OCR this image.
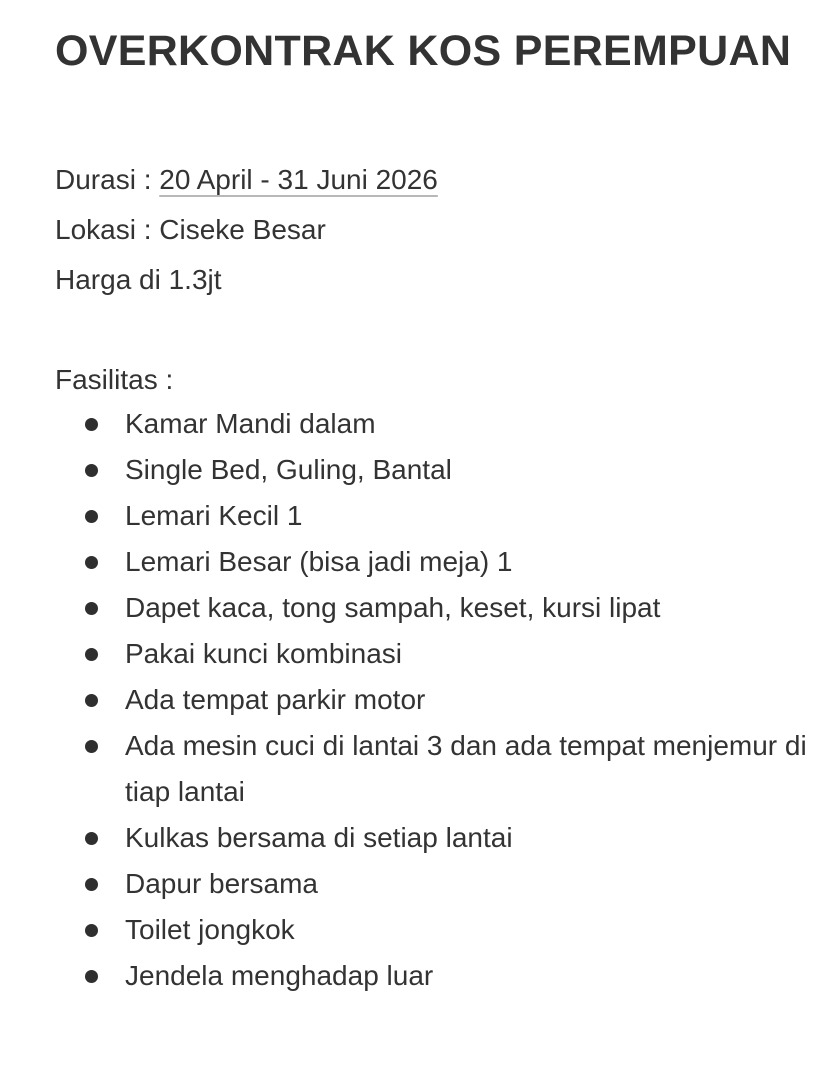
OVERKONTRAK KOS PEREMPUAN
Durasi : 20 April - 31 Juni 2026
Lokasi : Ciseke Besar
Harga di 1.3jt
Fasilitas :
Kamar Mandi dalam
Single Bed, Guling, Bantal
Lemari Kecil 1
Lemari Besar (bisa jadi meja) 1
Dapet kaca, tong sampah, keset, kursi lipat
Pakai kunci kombinasi
Ada tempat parkir motor
Ada mesin cuci di lantai 3 dan ada tempat menjemur di tiap lantai
Kulkas bersama di setiap lantai
Dapur bersama
Toilet jongkok
Jendela menghadap luar
